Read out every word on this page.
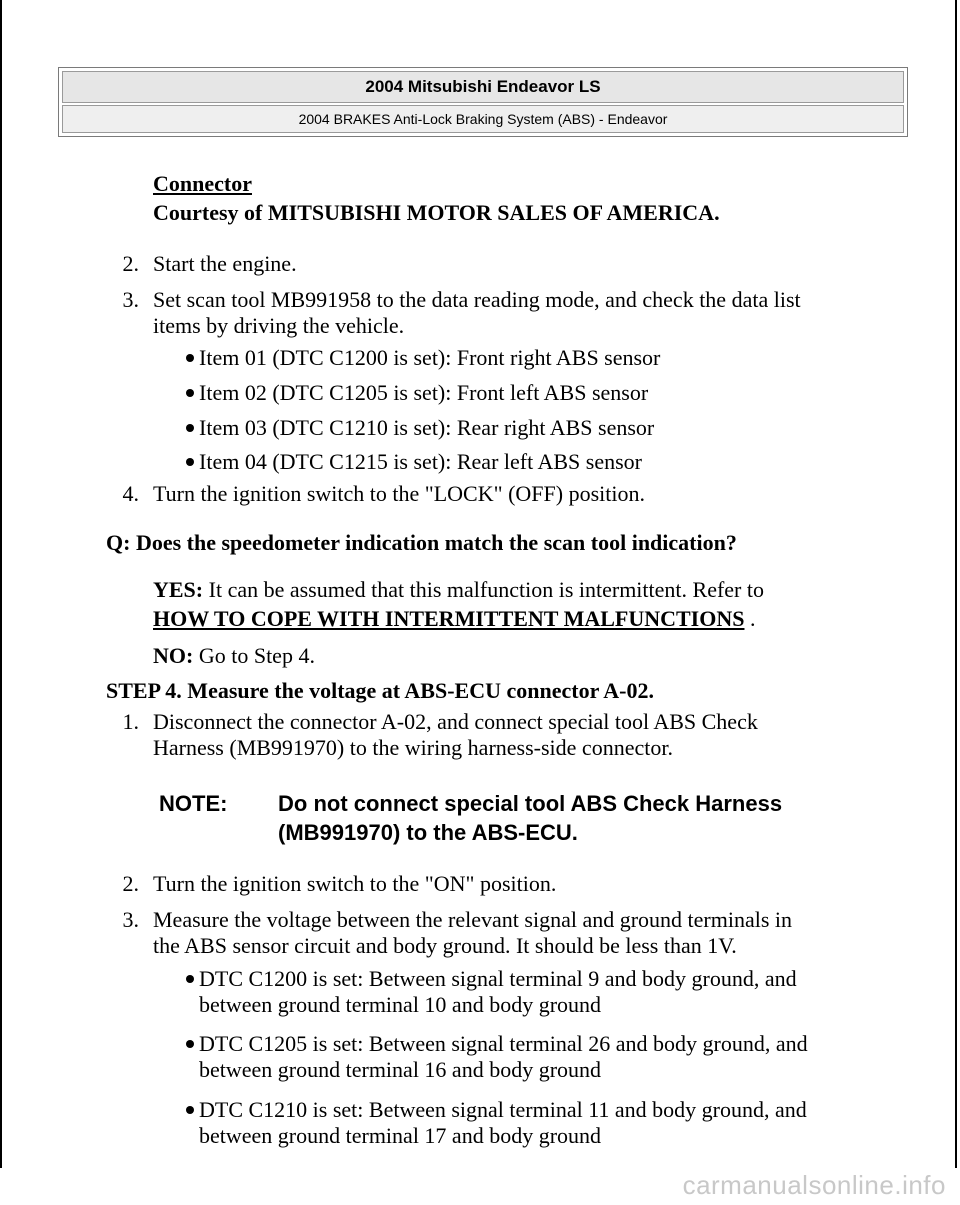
2004 Mitsubishi Endeavor LS
2004 BRAKES Anti-Lock Braking System (ABS) - Endeavor
Connector
Courtesy of MITSUBISHI MOTOR SALES OF AMERICA.
2. Start the engine.
3. Set scan tool MB991958 to the data reading mode, and check the data list
items by driving the vehicle.
Item 01 (DTC C1200 is set): Front right ABS sensor
Item 02 (DTC C1205 is set): Front left ABS sensor
Item 03 (DTC C1210 is set): Rear right ABS sensor
Item 04 (DTC C1215 is set): Rear left ABS sensor
4. Turn the ignition switch to the "LOCK" (OFF) position.
Q: Does the speedometer indication match the scan tool indication?
YES: It can be assumed that this malfunction is intermittent. Refer to
HOW TO COPE WITH INTERMITTENT MALFUNCTIONS .
NO: Go to Step 4.
STEP 4. Measure the voltage at ABS-ECU connector A-02.
1. Disconnect the connector A-02, and connect special tool ABS Check
Harness (MB991970) to the wiring harness-side connector.
NOTE: Do not connect special tool ABS Check Harness
(MB991970) to the ABS-ECU.
2. Turn the ignition switch to the "ON" position.
3. Measure the voltage between the relevant signal and ground terminals in
the ABS sensor circuit and body ground. It should be less than 1V.
DTC C1200 is set: Between signal terminal 9 and body ground, and
between ground terminal 10 and body ground
DTC C1205 is set: Between signal terminal 26 and body ground, and
between ground terminal 16 and body ground
DTC C1210 is set: Between signal terminal 11 and body ground, and
between ground terminal 17 and body ground
carmanualsonline.info
